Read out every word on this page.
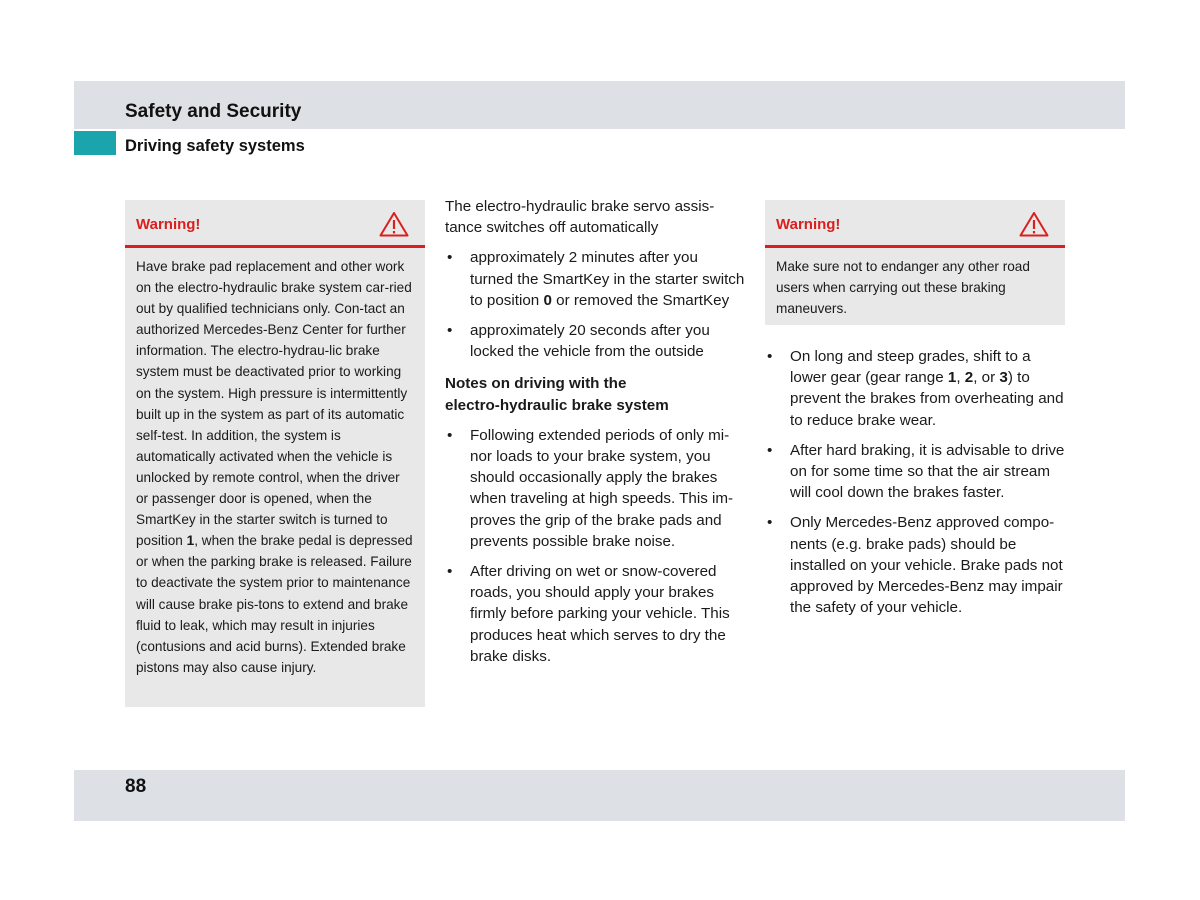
Safety and Security
Driving safety systems
Warning!

Have brake pad replacement and other work on the electro-hydraulic brake system car-ried out by qualified technicians only. Con-tact an authorized Mercedes-Benz Center for further information. The electro-hydrau-lic brake system must be deactivated prior to working on the system. High pressure is intermittently built up in the system as part of its automatic self-test. In addition, the system is automatically activated when the vehicle is unlocked by remote control, when the driver or passenger door is opened, when the SmartKey in the starter switch is turned to position 1, when the brake pedal is depressed or when the parking brake is released. Failure to deactivate the system prior to maintenance will cause brake pis-tons to extend and brake fluid to leak, which may result in injuries (contusions and acid burns). Extended brake pistons may also cause injury.

The electro-hydraulic brake servo assis-tance switches off automatically

• approximately 2 minutes after you turned the SmartKey in the starter switch to position 0 or removed the SmartKey
• approximately 20 seconds after you locked the vehicle from the outside
Notes on driving with the
electro-hydraulic brake system
• Following extended periods of only mi-nor loads to your brake system, you should occasionally apply the brakes when traveling at high speeds. This im-proves the grip of the brake pads and prevents possible brake noise.
• After driving on wet or snow-covered roads, you should apply your brakes firmly before parking your vehicle. This produces heat which serves to dry the brake disks.
Warning!

Make sure not to endanger any other road users when carrying out these braking maneuvers.

• On long and steep grades, shift to a lower gear (gear range 1, 2, or 3) to prevent the brakes from overheating and to reduce brake wear.
• After hard braking, it is advisable to drive on for some time so that the air stream will cool down the brakes faster.
• Only Mercedes-Benz approved compo-nents (e.g. brake pads) should be installed on your vehicle. Brake pads not approved by Mercedes-Benz may impair the safety of your vehicle.
88
